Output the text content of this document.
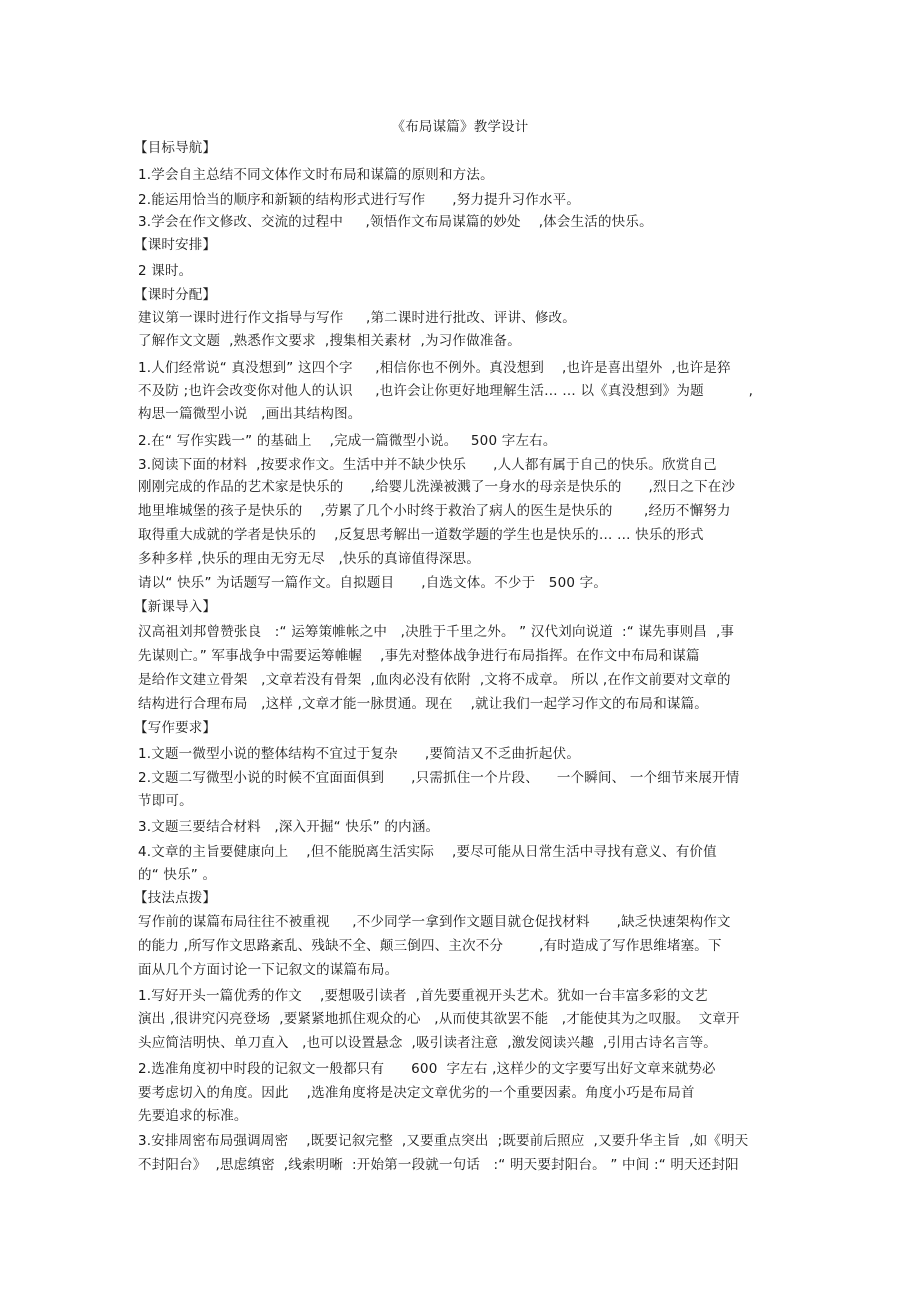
《布局谋篇》教学设计
【目标导航】
1.学会自主总结不同文体作文时布局和谋篇的原则和方法。
2.能运用恰当的顺序和新颖的结构形式进行写作      ,努力提升习作水平。
3.学会在作文修改、交流的过程中     ,领悟作文布局谋篇的妙处    ,体会生活的快乐。
【课时安排】
2 课时。
【课时分配】
建议第一课时进行作文指导与写作     ,第二课时进行批改、评讲、修改。
了解作文文题  ,熟悉作文要求  ,搜集相关素材  ,为习作做准备。
1.人们经常说“ 真没想到” 这四个字     ,相信你也不例外。真没想到    ,也许是喜出望外  ,也许是猝
不及防 ;也许会改变你对他人的认识     ,也许会让你更好地理解生活… … 以《真没想到》为题          ,
构思一篇微型小说   ,画出其结构图。
2.在“ 写作实践一” 的基础上    ,完成一篇微型小说。   500 字左右。
3.阅读下面的材料  ,按要求作文。生活中并不缺少快乐      ,人人都有属于自己的快乐。欣赏自己
刚刚完成的作品的艺术家是快乐的      ,给婴儿洗澡被溅了一身水的母亲是快乐的      ,烈日之下在沙
地里堆城堡的孩子是快乐的    ,劳累了几个小时终于救治了病人的医生是快乐的       ,经历不懈努力
取得重大成就的学者是快乐的    ,反复思考解出一道数学题的学生也是快乐的… … 快乐的形式
多种多样 ,快乐的理由无穷无尽   ,快乐的真谛值得深思。
请以“ 快乐” 为话题写一篇作文。自拟题目      ,自选文体。不少于   500 字。
【新课导入】
汉高祖刘邦曾赞张良   :“ 运筹策帷帐之中   ,决胜于千里之外。 ” 汉代刘向说道  :“ 谋先事则昌  ,事
先谋则亡。” 军事战争中需要运筹帷幄    ,事先对整体战争进行布局指挥。在作文中布局和谋篇
是给作文建立骨架   ,文章若没有骨架  ,血肉必没有依附  ,文将不成章。 所以 ,在作文前要对文章的
结构进行合理布局   ,这样 ,文章才能一脉贯通。现在    ,就让我们一起学习作文的布局和谋篇。
【写作要求】
1.文题一微型小说的整体结构不宜过于复杂      ,要简洁又不乏曲折起伏。
2.文题二写微型小说的时候不宜面面俱到      ,只需抓住一个片段、    一个瞬间、 一个细节来展开情
节即可。
3.文题三要结合材料   ,深入开掘“ 快乐” 的内涵。
4.文章的主旨要健康向上    ,但不能脱离生活实际    ,要尽可能从日常生活中寻找有意义、有价值
的“ 快乐” 。
【技法点拨】
写作前的谋篇布局往往不被重视     ,不少同学一拿到作文题目就仓促找材料      ,缺乏快速架构作文
的能力 ,所写作文思路紊乱、残缺不全、颠三倒四、主次不分        ,有时造成了写作思维堵塞。下
面从几个方面讨论一下记叙文的谋篇布局。
1.写好开头一篇优秀的作文    ,要想吸引读者  ,首先要重视开头艺术。犹如一台丰富多彩的文艺
演出 ,很讲究闪亮登场  ,要紧紧地抓住观众的心   ,从而使其欲罢不能   ,才能使其为之叹服。  文章开
头应简洁明快、单刀直入   ,也可以设置悬念  ,吸引读者注意  ,激发阅读兴趣  ,引用古诗名言等。
2.选准角度初中时段的记叙文一般都只有      600  字左右 ,这样少的文字要写出好文章来就势必
要考虑切入的角度。因此    ,选准角度将是决定文章优劣的一个重要因素。角度小巧是布局首
先要追求的标准。
3.安排周密布局强调周密    ,既要记叙完整  ,又要重点突出  ;既要前后照应  ,又要升华主旨  ,如《明天
不封阳台》  ,思虑缜密  ,线索明晰  :开始第一段就一句话   :“ 明天要封阳台。 ” 中间 :“ 明天还封阳
